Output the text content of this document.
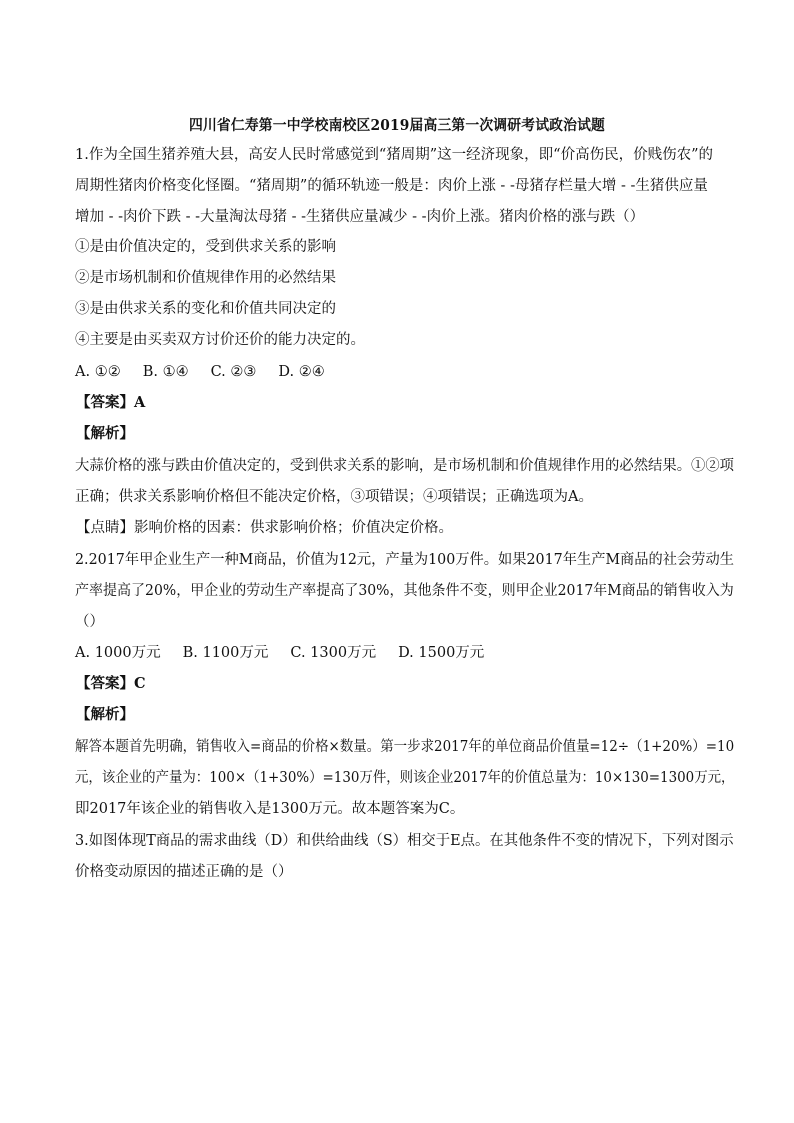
四川省仁寿第一中学校南校区2019届高三第一次调研考试政治试题
1.作为全国生猪养殖大县，高安人民时常感觉到“猪周期”这一经济现象，即“价高伤民，价贱伤农”的
周期性猪肉价格变化怪圈。“猪周期”的循环轨迹一般是：肉价上涨 - -母猪存栏量大增 - -生猪供应量
增加 - -肉价下跌 - -大量淘汰母猪 - -生猪供应量减少 - -肉价上涨。猪肉价格的涨与跌（）
①是由价值决定的，受到供求关系的影响
②是市场机制和价值规律作用的必然结果
③是由供求关系的变化和价值共同决定的
④主要是由买卖双方讨价还价的能力决定的。
A. ①② B. ①④ C. ②③ D. ②④
【答案】A
【解析】
大蒜价格的涨与跌由价值决定的，受到供求关系的影响，是市场机制和价值规律作用的必然结果。①②项
正确；供求关系影响价格但不能决定价格，③项错误；④项错误；正确选项为A。
【点睛】影响价格的因素：供求影响价格；价值决定价格。
2.2017年甲企业生产一种M商品，价值为12元，产量为100万件。如果2017年生产M商品的社会劳动生
产率提高了20%，甲企业的劳动生产率提高了30%，其他条件不变，则甲企业2017年M商品的销售收入为
（）
A. 1000万元 B. 1100万元 C. 1300万元 D. 1500万元
【答案】C
【解析】
解答本题首先明确，销售收入=商品的价格×数量。第一步求2017年的单位商品价值量=12÷（1+20%）=10
元，该企业的产量为：100×（1+30%）=130万件，则该企业2017年的价值总量为：10×130=1300万元，
即2017年该企业的销售收入是1300万元。故本题答案为C。
3.如图体现T商品的需求曲线（D）和供给曲线（S）相交于E点。在其他条件不变的情况下，下列对图示
价格变动原因的描述正确的是（）
